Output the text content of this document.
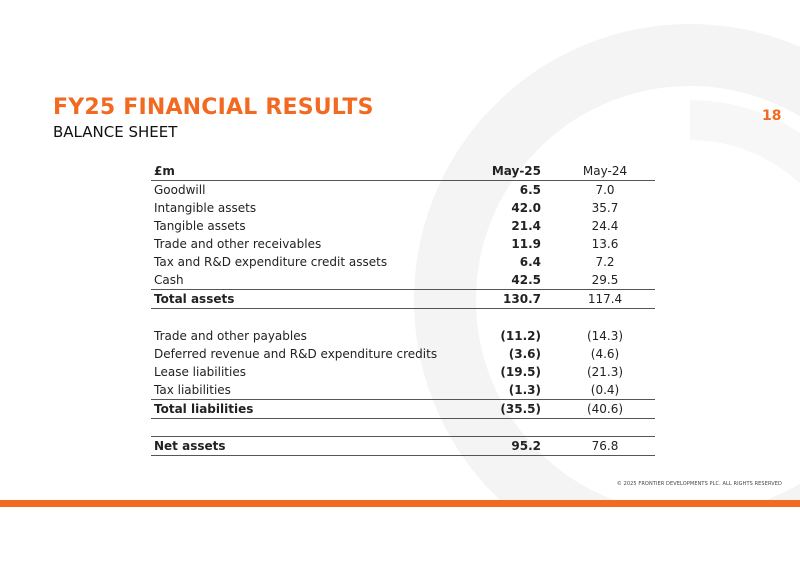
FY25 FINANCIAL RESULTS
BALANCE SHEET
18
£m	May-25	May-24
Goodwill	6.5	7.0
Intangible assets	42.0	35.7
Tangible assets	21.4	24.4
Trade and other receivables	11.9	13.6
Tax and R&D expenditure credit assets	6.4	7.2
Cash	42.5	29.5
Total assets	130.7	117.4

Trade and other payables	(11.2)	(14.3)
Deferred revenue and R&D expenditure credits	(3.6)	(4.6)
Lease liabilities	(19.5)	(21.3)
Tax liabilities	(1.3)	(0.4)
Total liabilities	(35.5)	(40.6)

Net assets	95.2	76.8
© 2025 FRONTIER DEVELOPMENTS PLC. ALL RIGHTS RESERVED
